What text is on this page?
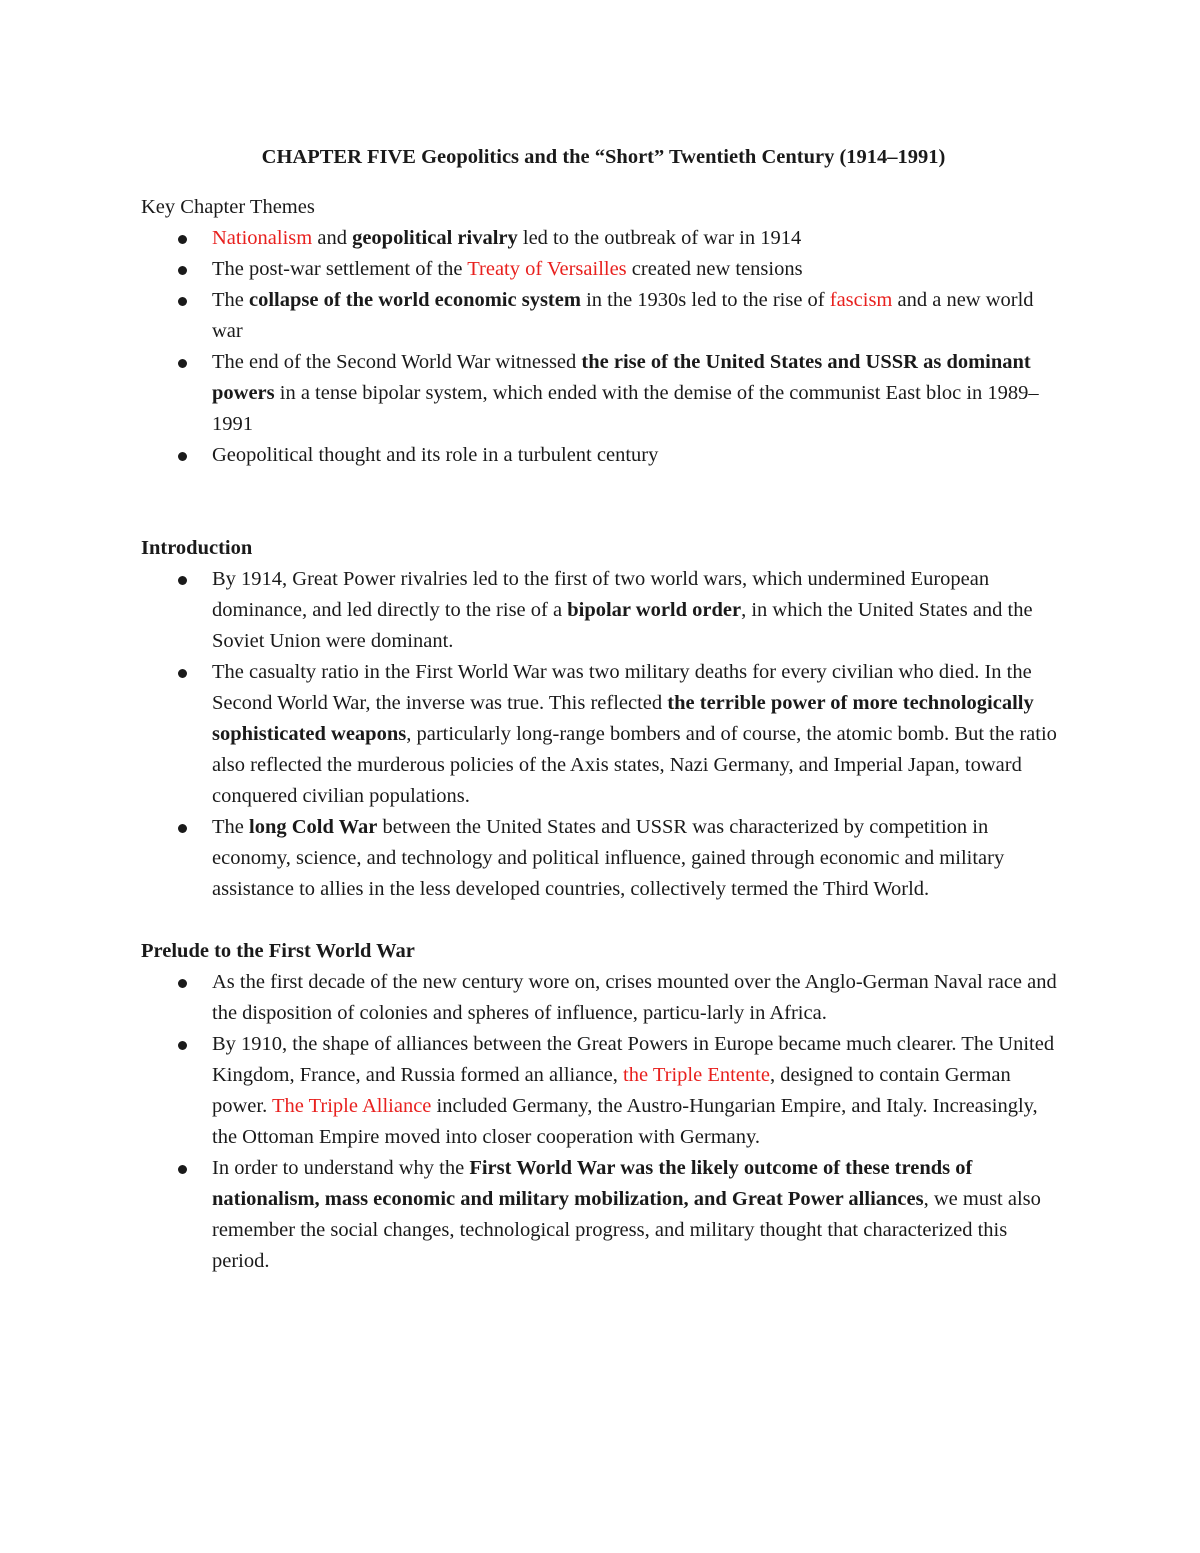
CHAPTER FIVE Geopolitics and the “Short” Twentieth Century (1914–1991)

Key Chapter Themes

Nationalism and geopolitical rivalry led to the outbreak of war in 1914
The post-war settlement of the Treaty of Versailles created new tensions
The collapse of the world economic system in the 1930s led to the rise of fascism and a new world war
The end of the Second World War witnessed the rise of the United States and USSR as dominant powers in a tense bipolar system, which ended with the demise of the communist East bloc in 1989–1991
Geopolitical thought and its role in a turbulent century

Introduction

By 1914, Great Power rivalries led to the first of two world wars, which undermined European dominance, and led directly to the rise of a bipolar world order, in which the United States and the Soviet Union were dominant.
The casualty ratio in the First World War was two military deaths for every civilian who died. In the Second World War, the inverse was true. This reflected the terrible power of more technologically sophisticated weapons, particularly long-range bombers and of course, the atomic bomb. But the ratio also reflected the murderous policies of the Axis states, Nazi Germany, and Imperial Japan, toward conquered civilian populations.
The long Cold War between the United States and USSR was characterized by competition in economy, science, and technology and political influence, gained through economic and military assistance to allies in the less developed countries, collectively termed the Third World.

Prelude to the First World War

As the first decade of the new century wore on, crises mounted over the Anglo-German Naval race and the disposition of colonies and spheres of influence, particu-larly in Africa.
By 1910, the shape of alliances between the Great Powers in Europe became much clearer. The United Kingdom, France, and Russia formed an alliance, the Triple Entente, designed to contain German power. The Triple Alliance included Germany, the Austro-Hungarian Empire, and Italy. Increasingly, the Ottoman Empire moved into closer cooperation with Germany.
In order to understand why the First World War was the likely outcome of these trends of nationalism, mass economic and military mobilization, and Great Power alliances, we must also remember the social changes, technological progress, and military thought that characterized this period.
